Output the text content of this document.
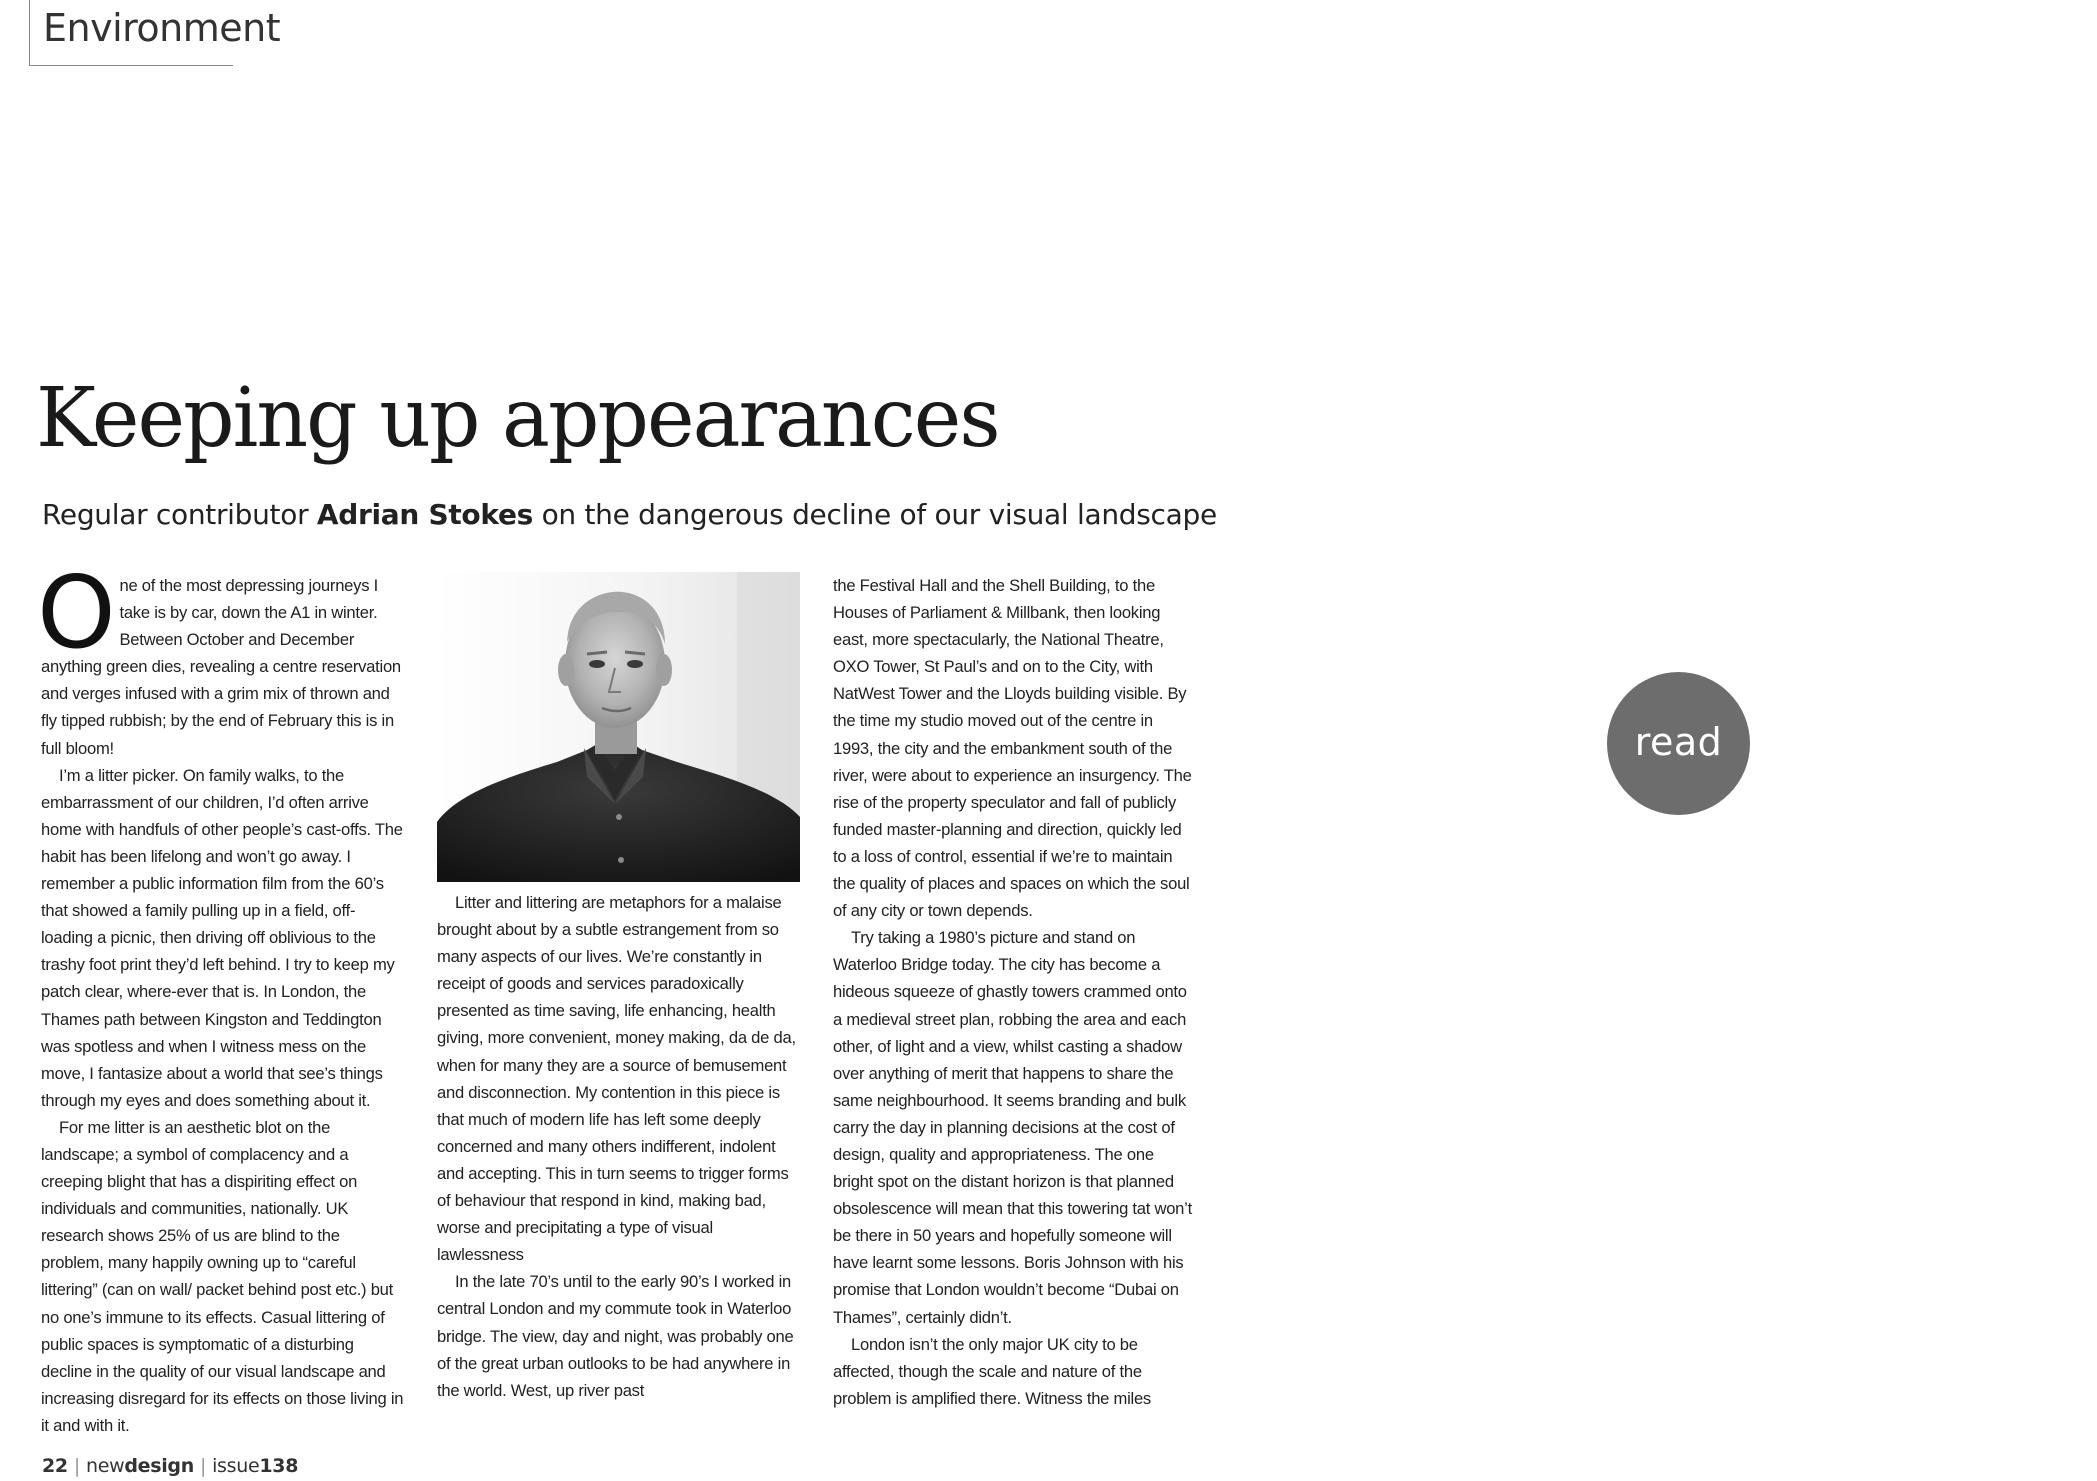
Environment
Keeping up appearances

Regular contributor Adrian Stokes on the dangerous decline of our visual landscape

One of the most depressing journeys I take is by car, down the A1 in winter. Between October and December anything green dies, revealing a centre reservation and verges infused with a grim mix of thrown and fly tipped rubbish; by the end of February this is in full bloom!

I’m a litter picker. On family walks, to the embarrassment of our children, I’d often arrive home with handfuls of other people’s cast-offs. The habit has been lifelong and won’t go away. I remember a public information film from the 60’s that showed a family pulling up in a field, off-loading a picnic, then driving off oblivious to the trashy foot print they’d left behind. I try to keep my patch clear, where-ever that is. In London, the Thames path between Kingston and Teddington was spotless and when I witness mess on the move, I fantasize about a world that see’s things through my eyes and does something about it.

For me litter is an aesthetic blot on the landscape; a symbol of complacency and a creeping blight that has a dispiriting effect on individuals and communities, nationally. UK research shows 25% of us are blind to the problem, many happily owning up to “careful littering” (can on wall/ packet behind post etc.) but no one’s immune to its effects. Casual littering of public spaces is symptomatic of a disturbing decline in the quality of our visual landscape and increasing disregard for its effects on those living in it and with it.

Litter and littering are metaphors for a malaise brought about by a subtle estrangement from so many aspects of our lives. We’re constantly in receipt of goods and services paradoxically presented as time saving, life enhancing, health giving, more convenient, money making, da de da, when for many they are a source of bemusement and disconnection. My contention in this piece is that much of modern life has left some deeply concerned and many others indifferent, indolent and accepting. This in turn seems to trigger forms of behaviour that respond in kind, making bad, worse and precipitating a type of visual lawlessness

In the late 70’s until to the early 90’s I worked in central London and my commute took in Waterloo bridge. The view, day and night, was probably one of the great urban outlooks to be had anywhere in the world. West, up river past

the Festival Hall and the Shell Building, to the Houses of Parliament & Millbank, then looking east, more spectacularly, the National Theatre, OXO Tower, St Paul’s and on to the City, with NatWest Tower and the Lloyds building visible. By the time my studio moved out of the centre in 1993, the city and the embankment south of the river, were about to experience an insurgency. The rise of the property speculator and fall of publicly funded master-planning and direction, quickly led to a loss of control, essential if we’re to maintain the quality of places and spaces on which the soul of any city or town depends.

Try taking a 1980’s picture and stand on Waterloo Bridge today. The city has become a hideous squeeze of ghastly towers crammed onto a medieval street plan, robbing the area and each other, of light and a view, whilst casting a shadow over anything of merit that happens to share the same neighbourhood. It seems branding and bulk carry the day in planning decisions at the cost of design, quality and appropriateness. The one bright spot on the distant horizon is that planned obsolescence will mean that this towering tat won’t be there in 50 years and hopefully someone will have learnt some lessons. Boris Johnson with his promise that London wouldn’t become “Dubai on Thames”, certainly didn’t.

London isn’t the only major UK city to be affected, though the scale and nature of the problem is amplified there. Witness the miles

read
22 | newdesign | issue138
